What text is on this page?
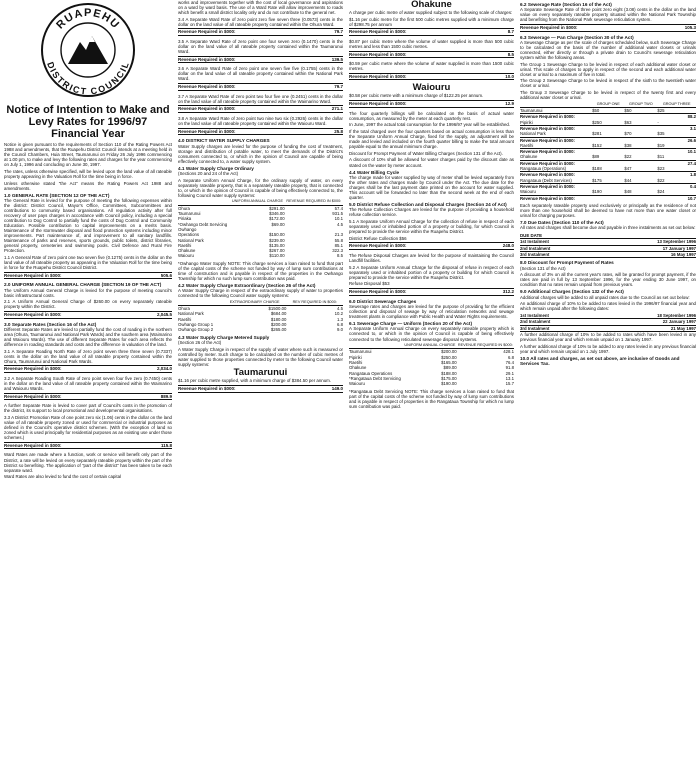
RUAPEHU
DISTRICT COUNCIL
Notice of Intention to Make and Levy Rates for 1996/97 Financial Year

Notice is given pursuant to the requirements of Section 110 of the Rating Powers Act 1988 and amendments, that the Ruapehu District Council intends at a meeting held in the Council Chambers, Huia Street, Taumarunui on Friday 26 July 1996 commencing at 1.00 pm, to make and levy the following rates and charges for the year commencing on July 1, 1996 and concluding on June 30, 1997.

The rates, unless otherwise specified, will be levied upon the land value of all rateable property appearing in the Valuation Roll for the time being in force.

Unless otherwise stated "the Act" means the Rating Powers Act 1988 and amendments.

1.0 GENERAL RATE (SECTION 12 OF THE ACT)

The General Rate is levied for the purpose of meeting the following expenses within the district: District Council, Mayor's Office, Committees, Subcommittees and contributions to community based organisations. All regulation activity after full recovery of user pays charges in accordance with Council policy, including a special contribution to Dog Control to partially fund the costs of Dog Control and Community Education. Possible contribution to capital improvements on a merits basis. Maintenance of the stormwater disposal and flood protection systems including minor improvements. Part maintenance of, and improvement to all sanitary landfills. Maintenance of parks and reserves, sports grounds, public toilets, district libraries, general property, cemeteries and swimming pools. Civil Defence and Rural Fire Protection.

1.1 A General Rate of zero point one two seven five (0.1275) cents in the dollar on the land value of all rateable property as appearing in the Valuation Roll for the time being in force for the Ruapehu District Council District.

Revenue Required in $000:	505.6

2.0 UNIFORM ANNUAL GENERAL CHARGE (SECTION 19 OF THE ACT)

The Uniform Annual General Charge is levied for the purpose of meeting council's basic infrastructural costs.

2.1 A Uniform Annual General Charge of $260.00 on every separately rateable property within the District.

Revenue Required in $000:	2,045.5

3.0 Separate Rates (Section 16 of the Act)

Different Separate Rates are levied to partially fund the cost of roading in the northern area (Ohura, Taumarunui and National Park Wards) and the southern area (Waimarino and Waiouru Wards). The use of different Separate Rates for each area reflects the difference in roading standards and costs and the difference in valuation of the land.

3.1 A Separate Roading North Rate of zero point seven three three seven (0.7337) cents in the dollar on the land value of all rateable property contained within the Ohura, Taumarunui and National Park Wards.

Revenue Required in $000:	2,034.0

3.2 A Separate Roading South Rate of zero point seven four five zero (0.7450) cents in the dollar on the land value of all rateable property contained within the Waimarino and Waiouru Wards.

Revenue Required in $000:	889.9

A further Separate Rate is levied to cover part of Council's costs in the promotion of the district, its support to local promotional and developmental organisations.

3.3 A District Promotion Rate of one point zero six (1.06) cents in the dollar on the land value of all rateable property zoned or used for commercial or industrial purposes as defined in the Council's operative district schemes. (With the exception of land so zoned which is used principally for residential purposes as an existing use under those schemes.)

Revenue Required in $000:	115.8

Ward Rates are made where a function, work or service will benefit only part of the District, a rate will be levied on every separately rateable property within the part of the District so benefiting. The application of "part of the district" has been taken to be each separate ward.

Ward Rates are also levied to fund the cost of certain capital

works and improvements together with the cost of local governance and aspirations on a ward by ward basis. The use of a Ward Rate will allow improvements to roads which benefit a small district locality only and do not contribute to the general net.

3.4 A Separate Ward Rate of zero point zero five seven three (0.0573) cents in the dollar on the land value of all rateable property contained within the Ohura Ward.

Revenue Required in $000:	79.7

3.5 A Separate Ward Rate of zero point one four seven zero (0.1470) cents in the dollar on the land value of all rateable property contained within the Taumarunui Ward.

Revenue Required in $000:	139.5

3.6 A Separate Ward Rate of zero point one seven five five (0.1755) cents in the dollar on the land value of all rateable property contained within the National Park Ward.

Revenue Required in $000:	79.7

3.7 A Separate Ward Rate of zero point two four five one (0.2451) cents in the dollar on the land value of all rateable property contained within the Waimarino Ward.

Revenue Required in $000:	271.1

3.8 A Separate Ward Rate of zero point two nine two six (0.2926) cents in the dollar on the land value of all rateable property contained within the Waiouru Ward.

Revenue Required in $000:	25.8

4.0 DISTRICT WATER SUPPLY CHARGES

Water Supply charges are levied for the purpose of funding the cost of treatment, storage and distribution of potable water, to meet the demands of the District's consumers connected to, or which in the opinion of Council are capable of being effectively connected to, a water supply system.

4.1 Water Supply Charge Ordinary

(Sections 20 and 24 of the Act)

A Separate Uniform Annual Charge, for the ordinary supply of water, on every separately rateable property, that is a separately rateable property, that is connected to, or which in the opinion of Council is capable of being effectively connected to, the following Council water supply systems:

	UNIFORM ANNUAL CHARGE	REVENUE REQUIRED IN $000:
Ohura	$291.00	57.4
Taumarunui	$346.00	931.5
Piriaka	$172.00	10.1
*Owhango Debt Servicing	$69.00	4.5
Owhango		
Operations	$150.00	21.3
National Park	$239.00	55.8
Raetihi	$135.00	85.1
Ohakune	$267.00	322.3
Waiouru	$110.00	8.5

*Owhango Water Supply NOTE: This charge services a loan raised to fund that part of the capital costs of the scheme not funded by way of lump sum contributions at time of construction and is payable in respect of the properties in the Owhango Township for which no such lump sum contribution was paid.

4.2 Water Supply Charge Extraordinary (Section 26 of the Act)

A Water Supply Charge in respect of the extraordinary supply of water to properties connected to the following Council water supply systems:

	EXTRAORDINARY CHARGE	REV REQUIRED IN $000:
Ohura	$1500.00	4.5
National Park	$684.00	10.2
Raetihi	$180.00	1.3
Owhango Group 1	$200.00	6.8
Owhango Group 2	$265.00	9.0

4.3 Water Supply Charge Metered Supply

(Section 26 of the Act)

A Water Supply Charge in respect of the supply of water where such is measured or controlled by meter. Such charge to be calculated on the number of cubic metres of water supplied to those properties connected by meter to the following Council water supply systems:

Taumarunui

$1.16 per cubic metre supplied, with a minimum charge of $384.50 per annum.

Revenue Required in $000:	149.0
Ohakune

A charge per cubic metre of water supplied subject to the following scale of charges:

$1.16 per cubic metre for the first 500 cubic metres supplied with a minimum charge of $298.75 per annum

Revenue Required in $000:	8.7

$0.87 per cubic metre where the volume of water supplied is more than 500 cubic metres and less than 1500 cubic metres.

Revenue Required in $000:	8.5

$0.59 per cubic metre where the volume of water supplied is more than 1500 cubic metres.

Revenue Required in $000:	10.0
Waiouru

$0.58 per cubic metre with a minimum charge of $122.25 per annum.

Revenue Required in $000:	12.9

The four quarterly billings will be calculated on the basis of actual water consumption, as measured by the meter at each quarterly rest.

In June, 1997 the actual total consumption for the 1996/97 year will be established.

If the total charged over the four quarters based on actual consumption is less than the Separate Uniform Annual Charge, fixed for the supply, an adjustment will be made and levied and included on the fourth quarter billing to make the total amount payable equal to the annual minimum charge.

Discount for Prompt Payment of Water Billing Charges (Section 131 of the Act).

A discount of 10% shall be allowed for water charges paid by the discount date as stated on the water by meter account.

4.4 Water Billing Cycle

The charge made for water supplied by way of meter shall be levied separately from the other rates and charges made by Council under the Act. The due date for the charges shall be the last payment date printed on the account for water supplied. This account will be forwarded no later than the second week at the end of each quarter.

5.0 District Refuse Collection and Disposal Charges (Section 24 of Act)

The Refuse Collection Charges are levied for the purpose of providing a household refuse collection service.

5.1 A Separate Uniform Annual Charge for the collection of refuse in respect of each separately used or inhabited portion of a property or building, for which Council is prepared to provide the service within the Ruapehu District.

District Refuse Collection $56

Revenue Required in $000:	248.0

The Refuse Disposal Charges are levied for the purpose of maintaining the Council Landfill facilities.

5.2 A Separate Uniform Annual Charge for the disposal of refuse in respect of each separately used or inhabited portion of a property or building for which Council is prepared to provide the service within the Ruapehu District.

Refuse Disposal $53

Revenue Required in $000:	312.2

6.0 District Sewerage Charges

Sewerage rates and charges are levied for the purpose of providing for the efficient collection and disposal of sewage by way of reticulation networks and sewage treatment plants in compliance with Public Health and Water Rights requirements.

6.1 Sewerage Charge — Uniform (Section 20 of the Act)

A Separate Uniform Annual Charge on every separately rateable property which is connected to, or which in the opinion of Council is capable of being effectively connected to the following reticulated sewerage disposal systems.

	UNIFORM ANNUAL CHARGE	REVENUE REQUIRED IN $000:
Taumarunui	$200.00	428.1
Pipiriki	$250.00	6.8
Raetihi	$165.00	76.4
Ohakune	$89.00	91.8
Rangataua Operations	$188.00	29.1
*Rangataua Debt Servicing	$175.00	13.1
Waiouru	$190.00	15.7

*Rangataua Debt Servicing NOTE: This charge services a loan raised to fund that part of the capital costs of the scheme not funded by way of lump sum contributions and is payable in respect of properties in the Rangataua Township for which no lump sum contribution was paid.

6.2 Sewerage Rate (Section 16 of the Act)

A Separate Sewerage Rate of three point zero eight (3.08) cents in the dollar on the land value on every separately rateable property situated within the National Park Township and benefiting from the National Park sewerage reticulation system.

Revenue Required in $000:	105.3

6.3 Sewerage — Pan Charge (Section 30 of the Act)

A Sewerage Charge as per the scale of charges scheduled below, such Sewerage Charge to be calculated on the basis of the number of additional water closets or urinals connected, either directly or through a private drain to Council's sewerage reticulation system within the following areas.

The Group 1 Sewerage Charge to be levied in respect of each additional water closet or urinal. This scale of charges to apply in respect of the second and each additional water closet or urinal to a maximum of five in total.

The Group 2 Sewerage Charge to be levied in respect of the sixth to the twentieth water closet or urinal.

The Group 3 Sewerage Charge to be levied in respect of the twenty first and every additional water closet or urinal.

	GROUP ONE	GROUP TWO	GROUP THREE
Taumarunui	$50	$50	$25
Revenue Required in $000:			88.2
Pipiriki	$250	$63	-
Revenue Required in $000:			3.1
National Park	$281	$70	$35
Revenue Required in $000:			26.6
Raetihi	$152	$38	$19
Revenue Required in $000:			10.1
Ohakune	$89	$22	$11
Revenue Required in $000:			27.4
Rangataua (Operations)	$188	$47	$23
Revenue Required in $000:			1.8
Rangataua (Debt Services)	$175	$44	$22
Revenue Required in $000:			0.4
Waiouru	$190	$48	$24
Revenue Required in $000:			10.7

Each separately rateable property used exclusively or principally as the residence of not more than one household shall be deemed to have not more than one water closet or urinal for charging purposes.

7.0 Due Dates (Section 110 of the Act)

All rates and charges shall become due and payable in three instalments as set out below:

DUE DATE
1st Instalment	13 September 1996
2nd Instalment	17 January 1997
3rd Instalment	16 May 1997

8.0 Discount for Prompt Payment of Rates

(Section 131 of the Act)

A discount of 3% on all the current year's rates, will be granted for prompt payment, if the rates are paid in full by 13 September 1996, for the year ending 30 June 1997, on condition that no rates remain unpaid from previous years.

9.0 Additional Charges (Section 132 of the Act)

Additional charges will be added to all unpaid rates due to the Council as set out below:

An additional charge of 10% to be added to rates levied in the 1996/97 financial year and which remain unpaid after the following dates:

1st Instalment	18 September 1996
2nd Instalment	22 January 1997
3rd Instalment	21 May 1997

A further additional charge of 10% to be added to rates which have been levied in any previous financial year and which remain unpaid on 1 January 1997.

A further additional charge of 10% to be added to any rates levied in any previous financial year and which remain unpaid on 1 July 1997.

10.0 All rates and charges, as set out above, are inclusive of Goods and Services Tax.
